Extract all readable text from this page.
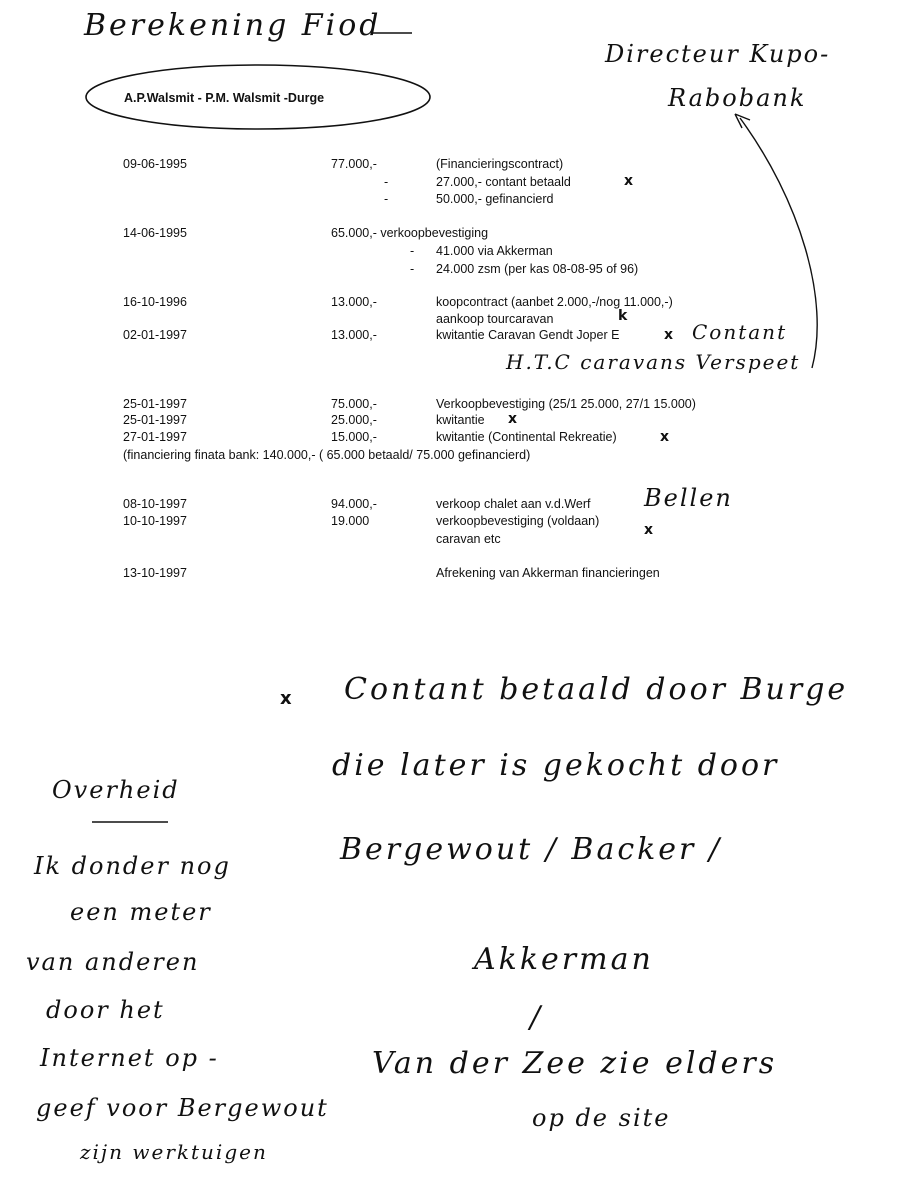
Berekening Fiod
A.P.Walsmit - P.M. Walsmit -Durge
Directeur Kupo-
Rabobank
09-06-1995	77.000,-	(Financieringscontract)
-	27.000,- contant betaald	x
-	50.000,- gefinancierd
14-06-1995	65.000,- verkoopbevestiging
- 41.000 via Akkerman
- 24.000 zsm (per kas 08-08-95 of 96)
16-10-1996	13.000,-	koopcontract (aanbet 2.000,-/nog 11.000,-)
aankoop tourcaravan	k
02-01-1997	13.000,-	kwitantie Caravan Gendt Joper E	x Contant
H.T.C caravans Verspeet
25-01-1997	75.000,-	Verkoopbevestiging (25/1 25.000, 27/1 15.000)
25-01-1997	25.000,-	kwitantie x
27-01-1997	15.000,-	kwitantie (Continental Rekreatie)	x
(financiering finata bank: 140.000,- ( 65.000 betaald/ 75.000 gefinancierd)
08-10-1997	94.000,-	verkoop chalet aan v.d.Werf Bellen
10-10-1997	19.000	verkoopbevestiging (voldaan)
x
caravan etc
13-10-1997	Afrekening van Akkerman financieringen
x Contant betaald door Burge
die later is gekocht door
Bergewout / Backer /
Akkerman
/
Van der Zee zie elders
op de site
Overheid
Ik donder nog
een meter
van anderen
door het
Internet op -
geef voor Bergewout
zijn werktuigen
